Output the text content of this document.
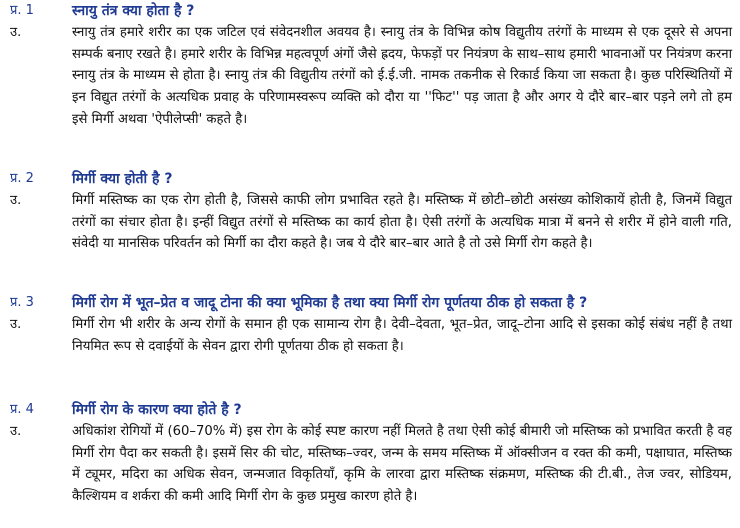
प्र. 1	स्नायु तंत्र क्या होता है ?
उ.	स्नायु तंत्र हमारे शरीर का एक जटिल एवं संवेदनशील अवयव है। स्नायु तंत्र के विभिन्न कोष विद्युतीय तरंगों के माध्यम से एक दूसरे से अपना सम्पर्क बनाए रखते है। हमारे शरीर के विभिन्न महत्वपूर्ण अंगों जैसे ह्रदय, फेफड़ों पर नियंत्रण के साथ–साथ हमारी भावनाओं पर नियंत्रण करना स्नायु तंत्र के माध्यम से होता है। स्नायु तंत्र की विद्युतीय तरंगों को ई.ई.जी. नामक तकनीक से रिकार्ड किया जा सकता है। कुछ परिस्थितियों में इन विद्युत तरंगों के अत्यधिक प्रवाह के परिणामस्वरूप व्यक्ति को दौरा या ''फिट'' पड़ जाता है और अगर ये दौरे बार–बार पड़ने लगे तो हम इसे मिर्गी अथवा 'ऐपीलेप्सी' कहते है।
प्र. 2	मिर्गी क्या होती है ?
उ.	मिर्गी मस्तिष्क का एक रोग होती है, जिससे काफी लोग प्रभावित रहते है। मस्तिष्क में छोटी–छोटी असंख्य कोशिकायें होती है, जिनमें विद्युत तरंगों का संचार होता है। इन्हीं विद्युत तरंगों से मस्तिष्क का कार्य होता है। ऐसी तरंगों के अत्यधिक मात्रा में बनने से शरीर में होने वाली गति, संवेदी या मानसिक परिवर्तन को मिर्गी का दौरा कहते है। जब ये दौरे बार–बार आते है तो उसे मिर्गी रोग कहते है।
प्र. 3	मिर्गी रोग में भूत–प्रेत व जादू टोना की क्या भूमिका है तथा क्या मिर्गी रोग पूर्णतया ठीक हो सकता है ?
उ.	मिर्गी रोग भी शरीर के अन्य रोगों के समान ही एक सामान्य रोग है। देवी–देवता, भूत–प्रेत, जादू–टोना आदि से इसका कोई संबंध नहीं है तथा नियमित रूप से दवाईयों के सेवन द्वारा रोगी पूर्णतया ठीक हो सकता है।
प्र. 4	मिर्गी रोग के कारण क्या होते है ?
उ.	अधिकांश रोगियों में (60–70% में) इस रोग के कोई स्पष्ट कारण नहीं मिलते है तथा ऐसी कोई बीमारी जो मस्तिष्क को प्रभावित करती है वह मिर्गी रोग पैदा कर सकती है। इसमें सिर की चोट, मस्तिष्क–ज्वर, जन्म के समय मस्तिष्क में ऑक्सीजन व रक्त की कमी, पक्षाघात, मस्तिष्क में ट्यूमर, मदिरा का अधिक सेवन, जन्मजात विकृतियाँ, कृमि के लारवा द्वारा मस्तिष्क संक्रमण, मस्तिष्क की टी.बी., तेज ज्वर, सोडियम, कैल्शियम व शर्करा की कमी आदि मिर्गी रोग के कुछ प्रमुख कारण होते है।
